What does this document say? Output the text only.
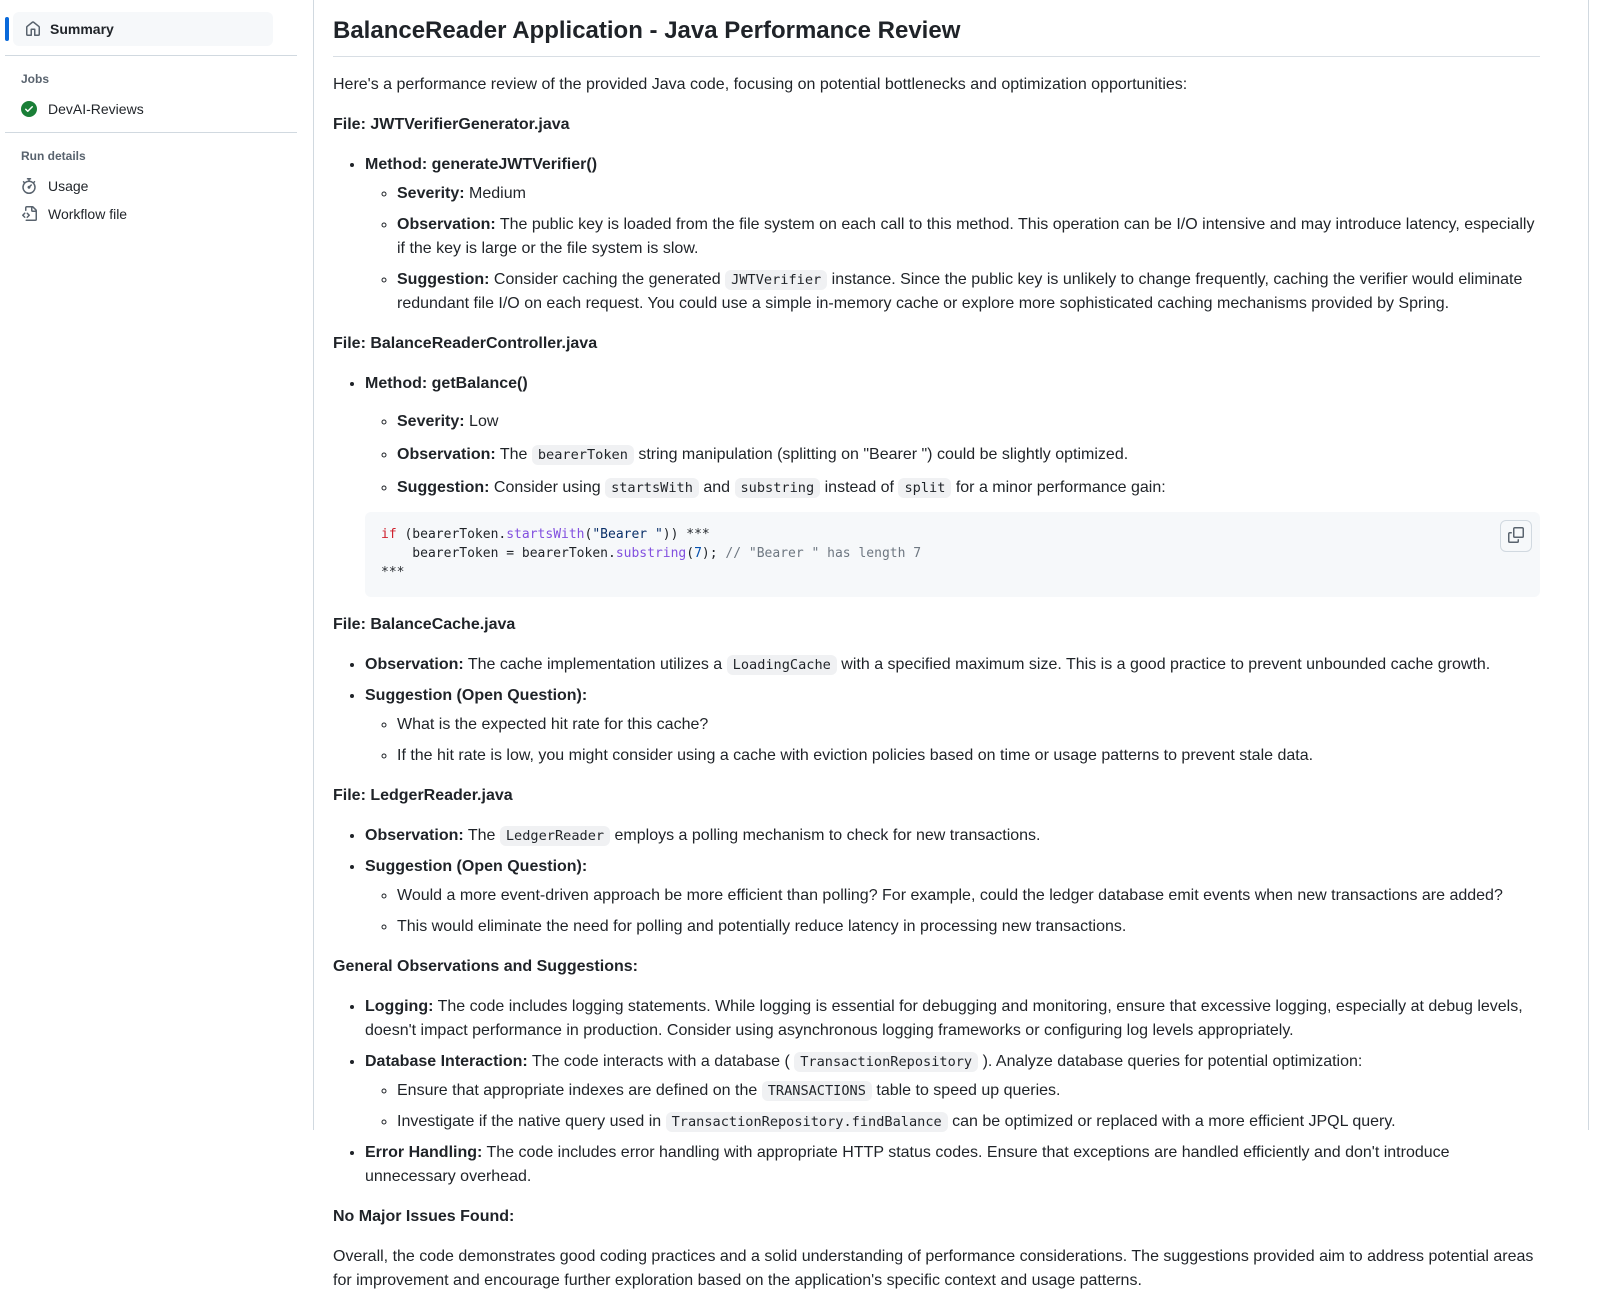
Summary
Jobs
DevAI-Reviews
Run details
Usage
Workflow file
BalanceReader Application - Java Performance Review

Here's a performance review of the provided Java code, focusing on potential bottlenecks and optimization opportunities:

File: JWTVerifierGenerator.java

• Method: generateJWTVerifier()
◦ Severity: Medium
◦ Observation: The public key is loaded from the file system on each call to this method. This operation can be I/O intensive and may introduce latency, especially if the key is large or the file system is slow.
◦ Suggestion: Consider caching the generated JWTVerifier instance. Since the public key is unlikely to change frequently, caching the verifier would eliminate redundant file I/O on each request. You could use a simple in-memory cache or explore more sophisticated caching mechanisms provided by Spring.

File: BalanceReaderController.java

• Method: getBalance()
◦ Severity: Low
◦ Observation: The bearerToken string manipulation (splitting on "Bearer ") could be slightly optimized.
◦ Suggestion: Consider using startsWith and substring instead of split for a minor performance gain:
if (bearerToken.startsWith("Bearer ")) ***
bearerToken = bearerToken.substring(7); // "Bearer " has length 7
***

File: BalanceCache.java

• Observation: The cache implementation utilizes a LoadingCache with a specified maximum size. This is a good practice to prevent unbounded cache growth.
• Suggestion (Open Question):
◦ What is the expected hit rate for this cache?
◦ If the hit rate is low, you might consider using a cache with eviction policies based on time or usage patterns to prevent stale data.

File: LedgerReader.java

• Observation: The LedgerReader employs a polling mechanism to check for new transactions.
• Suggestion (Open Question):
◦ Would a more event-driven approach be more efficient than polling? For example, could the ledger database emit events when new transactions are added?
◦ This would eliminate the need for polling and potentially reduce latency in processing new transactions.

General Observations and Suggestions:

• Logging: The code includes logging statements. While logging is essential for debugging and monitoring, ensure that excessive logging, especially at debug levels, doesn't impact performance in production. Consider using asynchronous logging frameworks or configuring log levels appropriately.
• Database Interaction: The code interacts with a database ( TransactionRepository ). Analyze database queries for potential optimization:
◦ Ensure that appropriate indexes are defined on the TRANSACTIONS table to speed up queries.
◦ Investigate if the native query used in TransactionRepository.findBalance can be optimized or replaced with a more efficient JPQL query.
• Error Handling: The code includes error handling with appropriate HTTP status codes. Ensure that exceptions are handled efficiently and don't introduce unnecessary overhead.

No Major Issues Found:

Overall, the code demonstrates good coding practices and a solid understanding of performance considerations. The suggestions provided aim to address potential areas for improvement and encourage further exploration based on the application's specific context and usage patterns.
